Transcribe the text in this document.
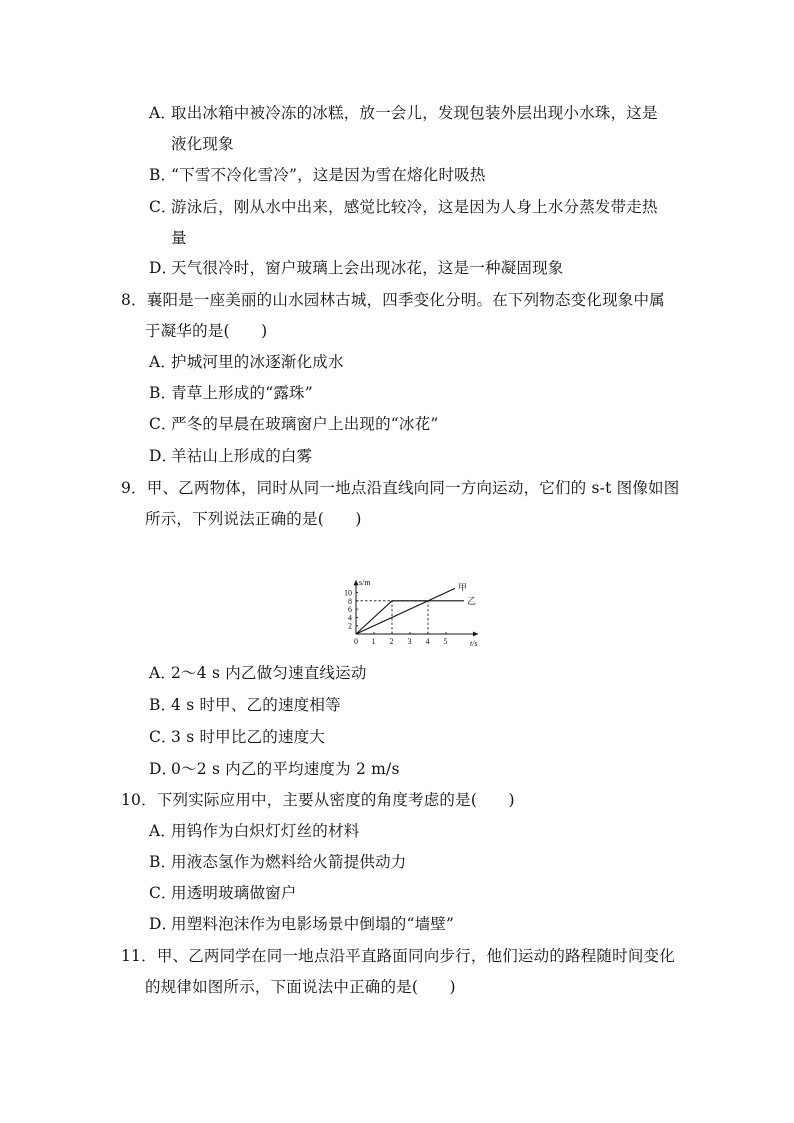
A．取出冰箱中被冷冻的冰糕，放一会儿，发现包装外层出现小水珠，这是
液化现象
B．“下雪不冷化雪冷”，这是因为雪在熔化时吸热
C．游泳后，刚从水中出来，感觉比较冷，这是因为人身上水分蒸发带走热
量
D．天气很冷时，窗户玻璃上会出现冰花，这是一种凝固现象
8．襄阳是一座美丽的山水园林古城，四季变化分明。在下列物态变化现象中属
于凝华的是(　　)
A．护城河里的冰逐渐化成水
B．青草上形成的“露珠”
C．严冬的早晨在玻璃窗户上出现的“冰花”
D．羊祜山上形成的白雾
9．甲、乙两物体，同时从同一地点沿直线向同一方向运动，它们的 s-t 图像如图
所示，下列说法正确的是(　　)
s/m
t/s
0 1 2 3 4 5
2
4
6
8
10
甲
乙
A．2～4 s 内乙做匀速直线运动
B．4 s 时甲、乙的速度相等
C．3 s 时甲比乙的速度大
D．0～2 s 内乙的平均速度为 2 m/s
10．下列实际应用中，主要从密度的角度考虑的是(　　)
A．用钨作为白炽灯灯丝的材料
B．用液态氢作为燃料给火箭提供动力
C．用透明玻璃做窗户
D．用塑料泡沫作为电影场景中倒塌的“墙壁”
11．甲、乙两同学在同一地点沿平直路面同向步行，他们运动的路程随时间变化
的规律如图所示，下面说法中正确的是(　　)
